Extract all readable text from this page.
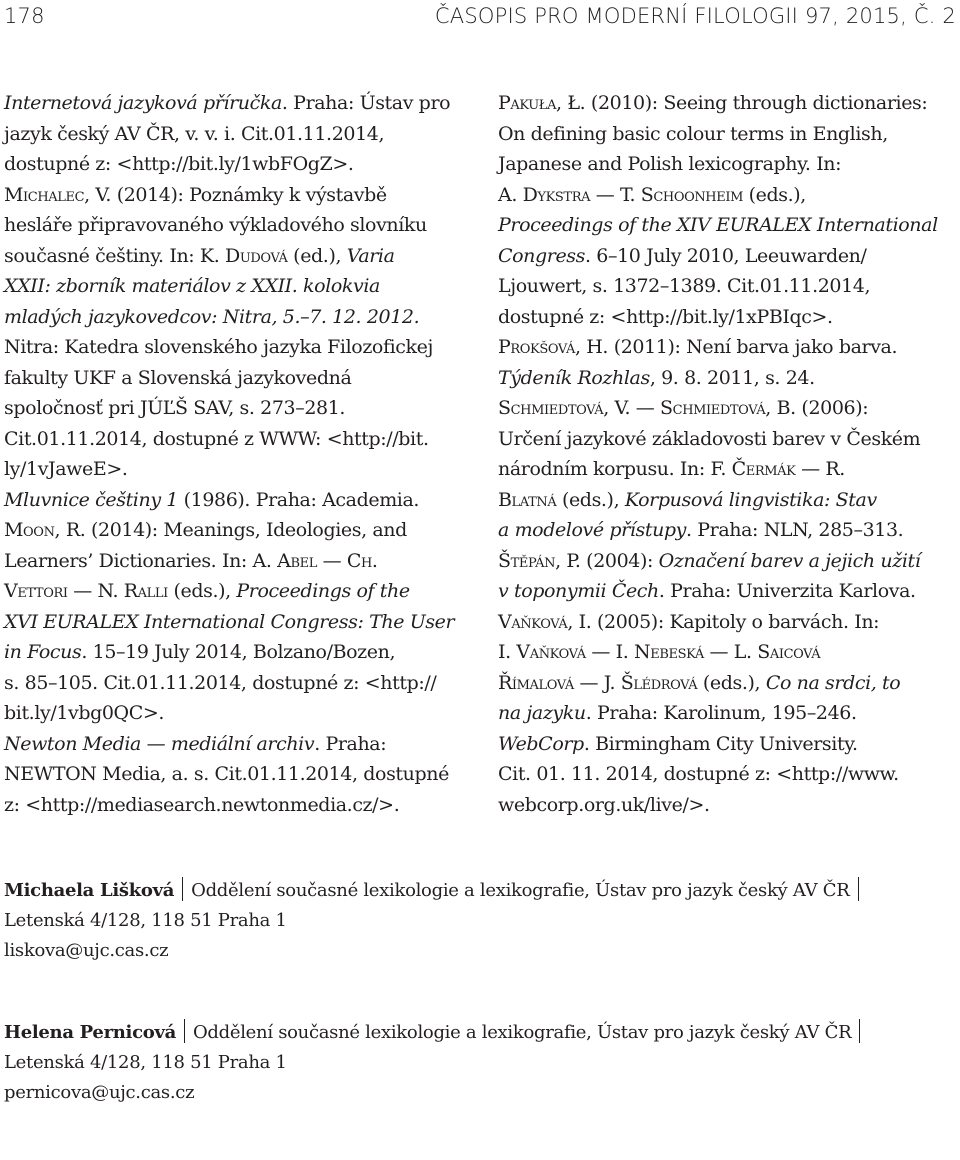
178	ČASOPIS PRO MODERNÍ FILOLOGII 97, 2015, Č. 2

Internetová jazyková příručka. Praha: Ústav pro
jazyk český AV ČR, v. v. i. Cit.01.11.2014,
dostupné z: <http://bit.ly/1wbFOgZ>.

Michalec, V. (2014): Poznámky k výstavbě
hesláře připravovaného výkladového slovníku
současné češtiny. In: K. Dudová (ed.), Varia
XXII: zborník materiálov z XXII. kolokvia
mladých jazykovedcov: Nitra, 5.–7. 12. 2012.
Nitra: Katedra slovenského jazyka Filozofickej
fakulty UKF a Slovenská jazykovedná
spoločnosť pri JÚĽŠ SAV, s. 273–281.
Cit.01.11.2014, dostupné z WWW: <http://bit.
ly/1vJaweE>.

Mluvnice češtiny 1 (1986). Praha: Academia.

Moon, R. (2014): Meanings, Ideologies, and
Learners’ Dictionaries. In: A. Abel — Ch.
Vettori — N. Ralli (eds.), Proceedings of the
XVI EURALEX International Congress: The User
in Focus. 15–19 July 2014, Bolzano/Bozen,
s. 85–105. Cit.01.11.2014, dostupné z: <http://
bit.ly/1vbg0QC>.

Newton Media — mediální archiv. Praha:
NEWTON Media, a. s. Cit.01.11.2014, dostupné
z: <http://mediasearch.newtonmedia.cz/>.

Pakuła, Ł. (2010): Seeing through dictionaries:
On defining basic colour terms in English,
Japanese and Polish lexicography. In:
A. Dykstra — T. Schoonheim (eds.),
Proceedings of the XIV EURALEX International
Congress. 6–10 July 2010, Leeuwarden/
Ljouwert, s. 1372–1389. Cit.01.11.2014,
dostupné z: <http://bit.ly/1xPBIqc>.

Prokšová, H. (2011): Není barva jako barva.
Týdeník Rozhlas, 9. 8. 2011, s. 24.

Schmiedtová, V. — Schmiedtová, B. (2006):
Určení jazykové základovosti barev v Českém
národním korpusu. In: F. Čermák — R.
Blatná (eds.), Korpusová lingvistika: Stav
a modelové přístupy. Praha: NLN, 285–313.

Štěpán, P. (2004): Označení barev a jejich užití
v toponymii Čech. Praha: Univerzita Karlova.

Vaňková, I. (2005): Kapitoly o barvách. In:
I. Vaňková — I. Nebeská — L. Saicová
Římalová — J. Šlédrová (eds.), Co na srdci, to
na jazyku. Praha: Karolinum, 195–246.

WebCorp. Birmingham City University.
Cit. 01. 11. 2014, dostupné z: <http://www.
webcorp.org.uk/live/>.

Michaela Lišková Oddělení současné lexikologie a lexikografie, Ústav pro jazyk český AV ČR
Letenská 4/128, 118 51 Praha 1
liskova@ujc.cas.cz
Helena Pernicová Oddělení současné lexikologie a lexikografie, Ústav pro jazyk český AV ČR
Letenská 4/128, 118 51 Praha 1
pernicova@ujc.cas.cz
